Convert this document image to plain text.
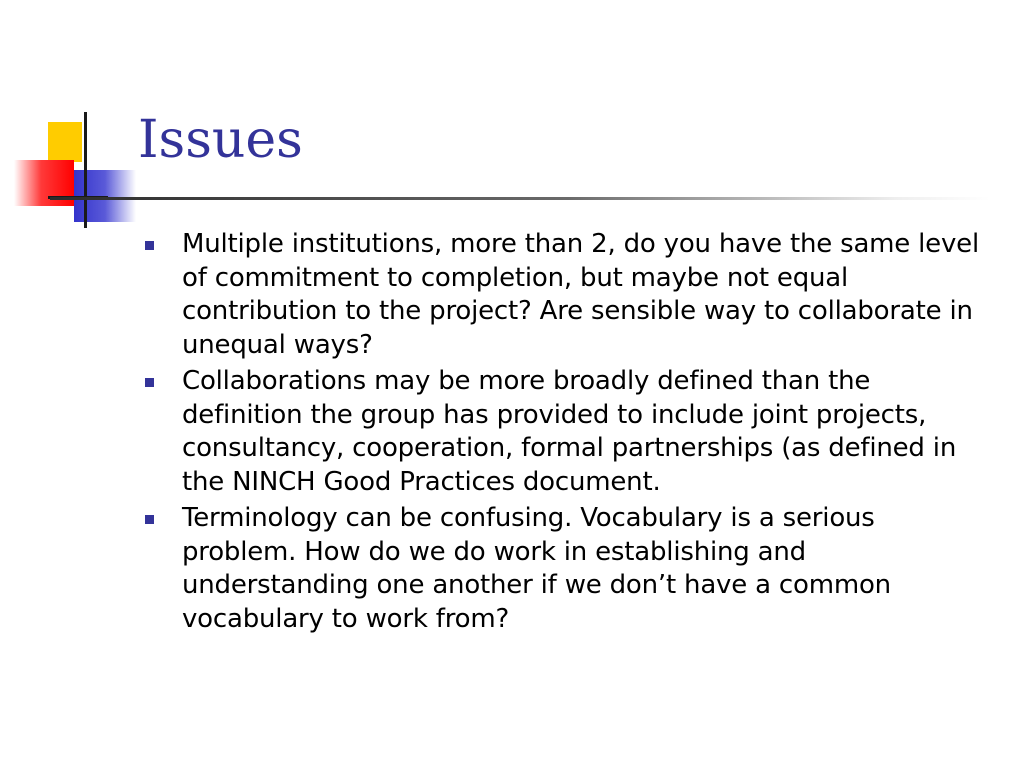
Issues
Multiple institutions, more than 2, do you have the same level of commitment to completion, but maybe not equal contribution to the project? Are sensible way to collaborate in unequal ways?
Collaborations may be more broadly defined than the definition the group has provided to include joint projects, consultancy, cooperation, formal partnerships (as defined in the NINCH Good Practices document.
Terminology can be confusing. Vocabulary is a serious problem. How do we do work in establishing and understanding one another if we don’t have a common vocabulary to work from?
